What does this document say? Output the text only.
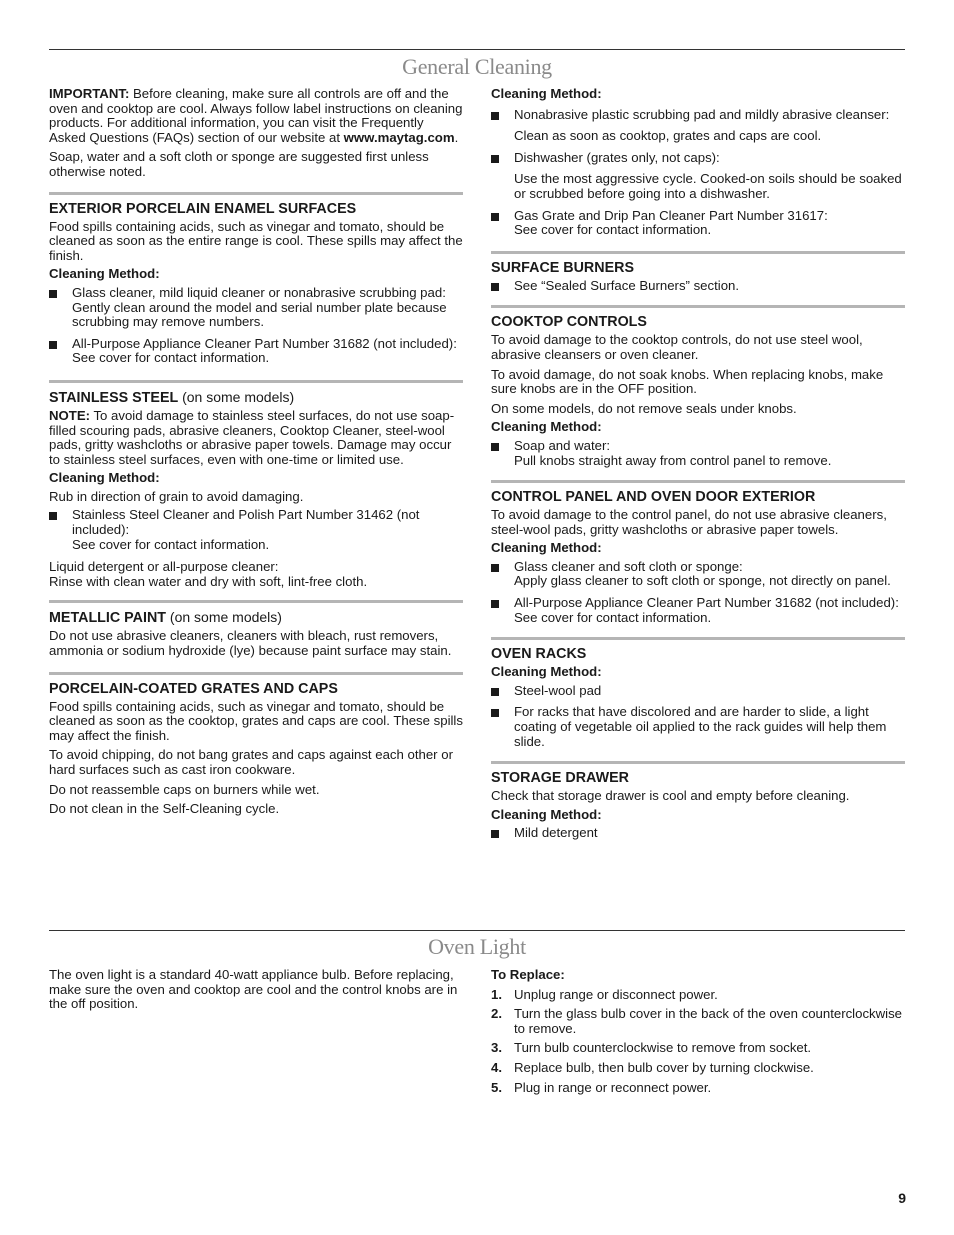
General Cleaning

IMPORTANT: Before cleaning, make sure all controls are off and the oven and cooktop are cool. Always follow label instructions on cleaning products. For additional information, you can visit the Frequently Asked Questions (FAQs) section of our website at www.maytag.com.

Soap, water and a soft cloth or sponge are suggested first unless otherwise noted.

EXTERIOR PORCELAIN ENAMEL SURFACES

Food spills containing acids, such as vinegar and tomato, should be cleaned as soon as the entire range is cool. These spills may affect the finish.

Cleaning Method:
Glass cleaner, mild liquid cleaner or nonabrasive scrubbing pad:
Gently clean around the model and serial number plate because scrubbing may remove numbers.
All-Purpose Appliance Cleaner Part Number 31682 (not included):
See cover for contact information.
STAINLESS STEEL (on some models)

NOTE: To avoid damage to stainless steel surfaces, do not use soap-filled scouring pads, abrasive cleaners, Cooktop Cleaner, steel-wool pads, gritty washcloths or abrasive paper towels. Damage may occur to stainless steel surfaces, even with one-time or limited use.

Cleaning Method:

Rub in direction of grain to avoid damaging.

Stainless Steel Cleaner and Polish Part Number 31462 (not included):
See cover for contact information.

Liquid detergent or all-purpose cleaner:
Rinse with clean water and dry with soft, lint-free cloth.

METALLIC PAINT (on some models)

Do not use abrasive cleaners, cleaners with bleach, rust removers, ammonia or sodium hydroxide (lye) because paint surface may stain.

PORCELAIN-COATED GRATES AND CAPS

Food spills containing acids, such as vinegar and tomato, should be cleaned as soon as the cooktop, grates and caps are cool. These spills may affect the finish.

To avoid chipping, do not bang grates and caps against each other or hard surfaces such as cast iron cookware.

Do not reassemble caps on burners while wet.

Do not clean in the Self-Cleaning cycle.

Cleaning Method:
Nonabrasive plastic scrubbing pad and mildly abrasive cleanser:
Clean as soon as cooktop, grates and caps are cool.
Dishwasher (grates only, not caps):
Use the most aggressive cycle. Cooked-on soils should be soaked or scrubbed before going into a dishwasher.
Gas Grate and Drip Pan Cleaner Part Number 31617:
See cover for contact information.
SURFACE BURNERS
See “Sealed Surface Burners” section.
COOKTOP CONTROLS

To avoid damage to the cooktop controls, do not use steel wool, abrasive cleansers or oven cleaner.

To avoid damage, do not soak knobs. When replacing knobs, make sure knobs are in the OFF position.

On some models, do not remove seals under knobs.

Cleaning Method:
Soap and water:
Pull knobs straight away from control panel to remove.
CONTROL PANEL AND OVEN DOOR EXTERIOR

To avoid damage to the control panel, do not use abrasive cleaners, steel-wool pads, gritty washcloths or abrasive paper towels.

Cleaning Method:
Glass cleaner and soft cloth or sponge:
Apply glass cleaner to soft cloth or sponge, not directly on panel.
All-Purpose Appliance Cleaner Part Number 31682 (not included):
See cover for contact information.
OVEN RACKS
Cleaning Method:
Steel-wool pad
For racks that have discolored and are harder to slide, a light coating of vegetable oil applied to the rack guides will help them slide.
STORAGE DRAWER

Check that storage drawer is cool and empty before cleaning.

Cleaning Method:
Mild detergent
Oven Light

The oven light is a standard 40-watt appliance bulb. Before replacing, make sure the oven and cooktop are cool and the control knobs are in the off position.

To Replace:
1. Unplug range or disconnect power.
2. Turn the glass bulb cover in the back of the oven counterclockwise to remove.
3. Turn bulb counterclockwise to remove from socket.
4. Replace bulb, then bulb cover by turning clockwise.
5. Plug in range or reconnect power.
9
